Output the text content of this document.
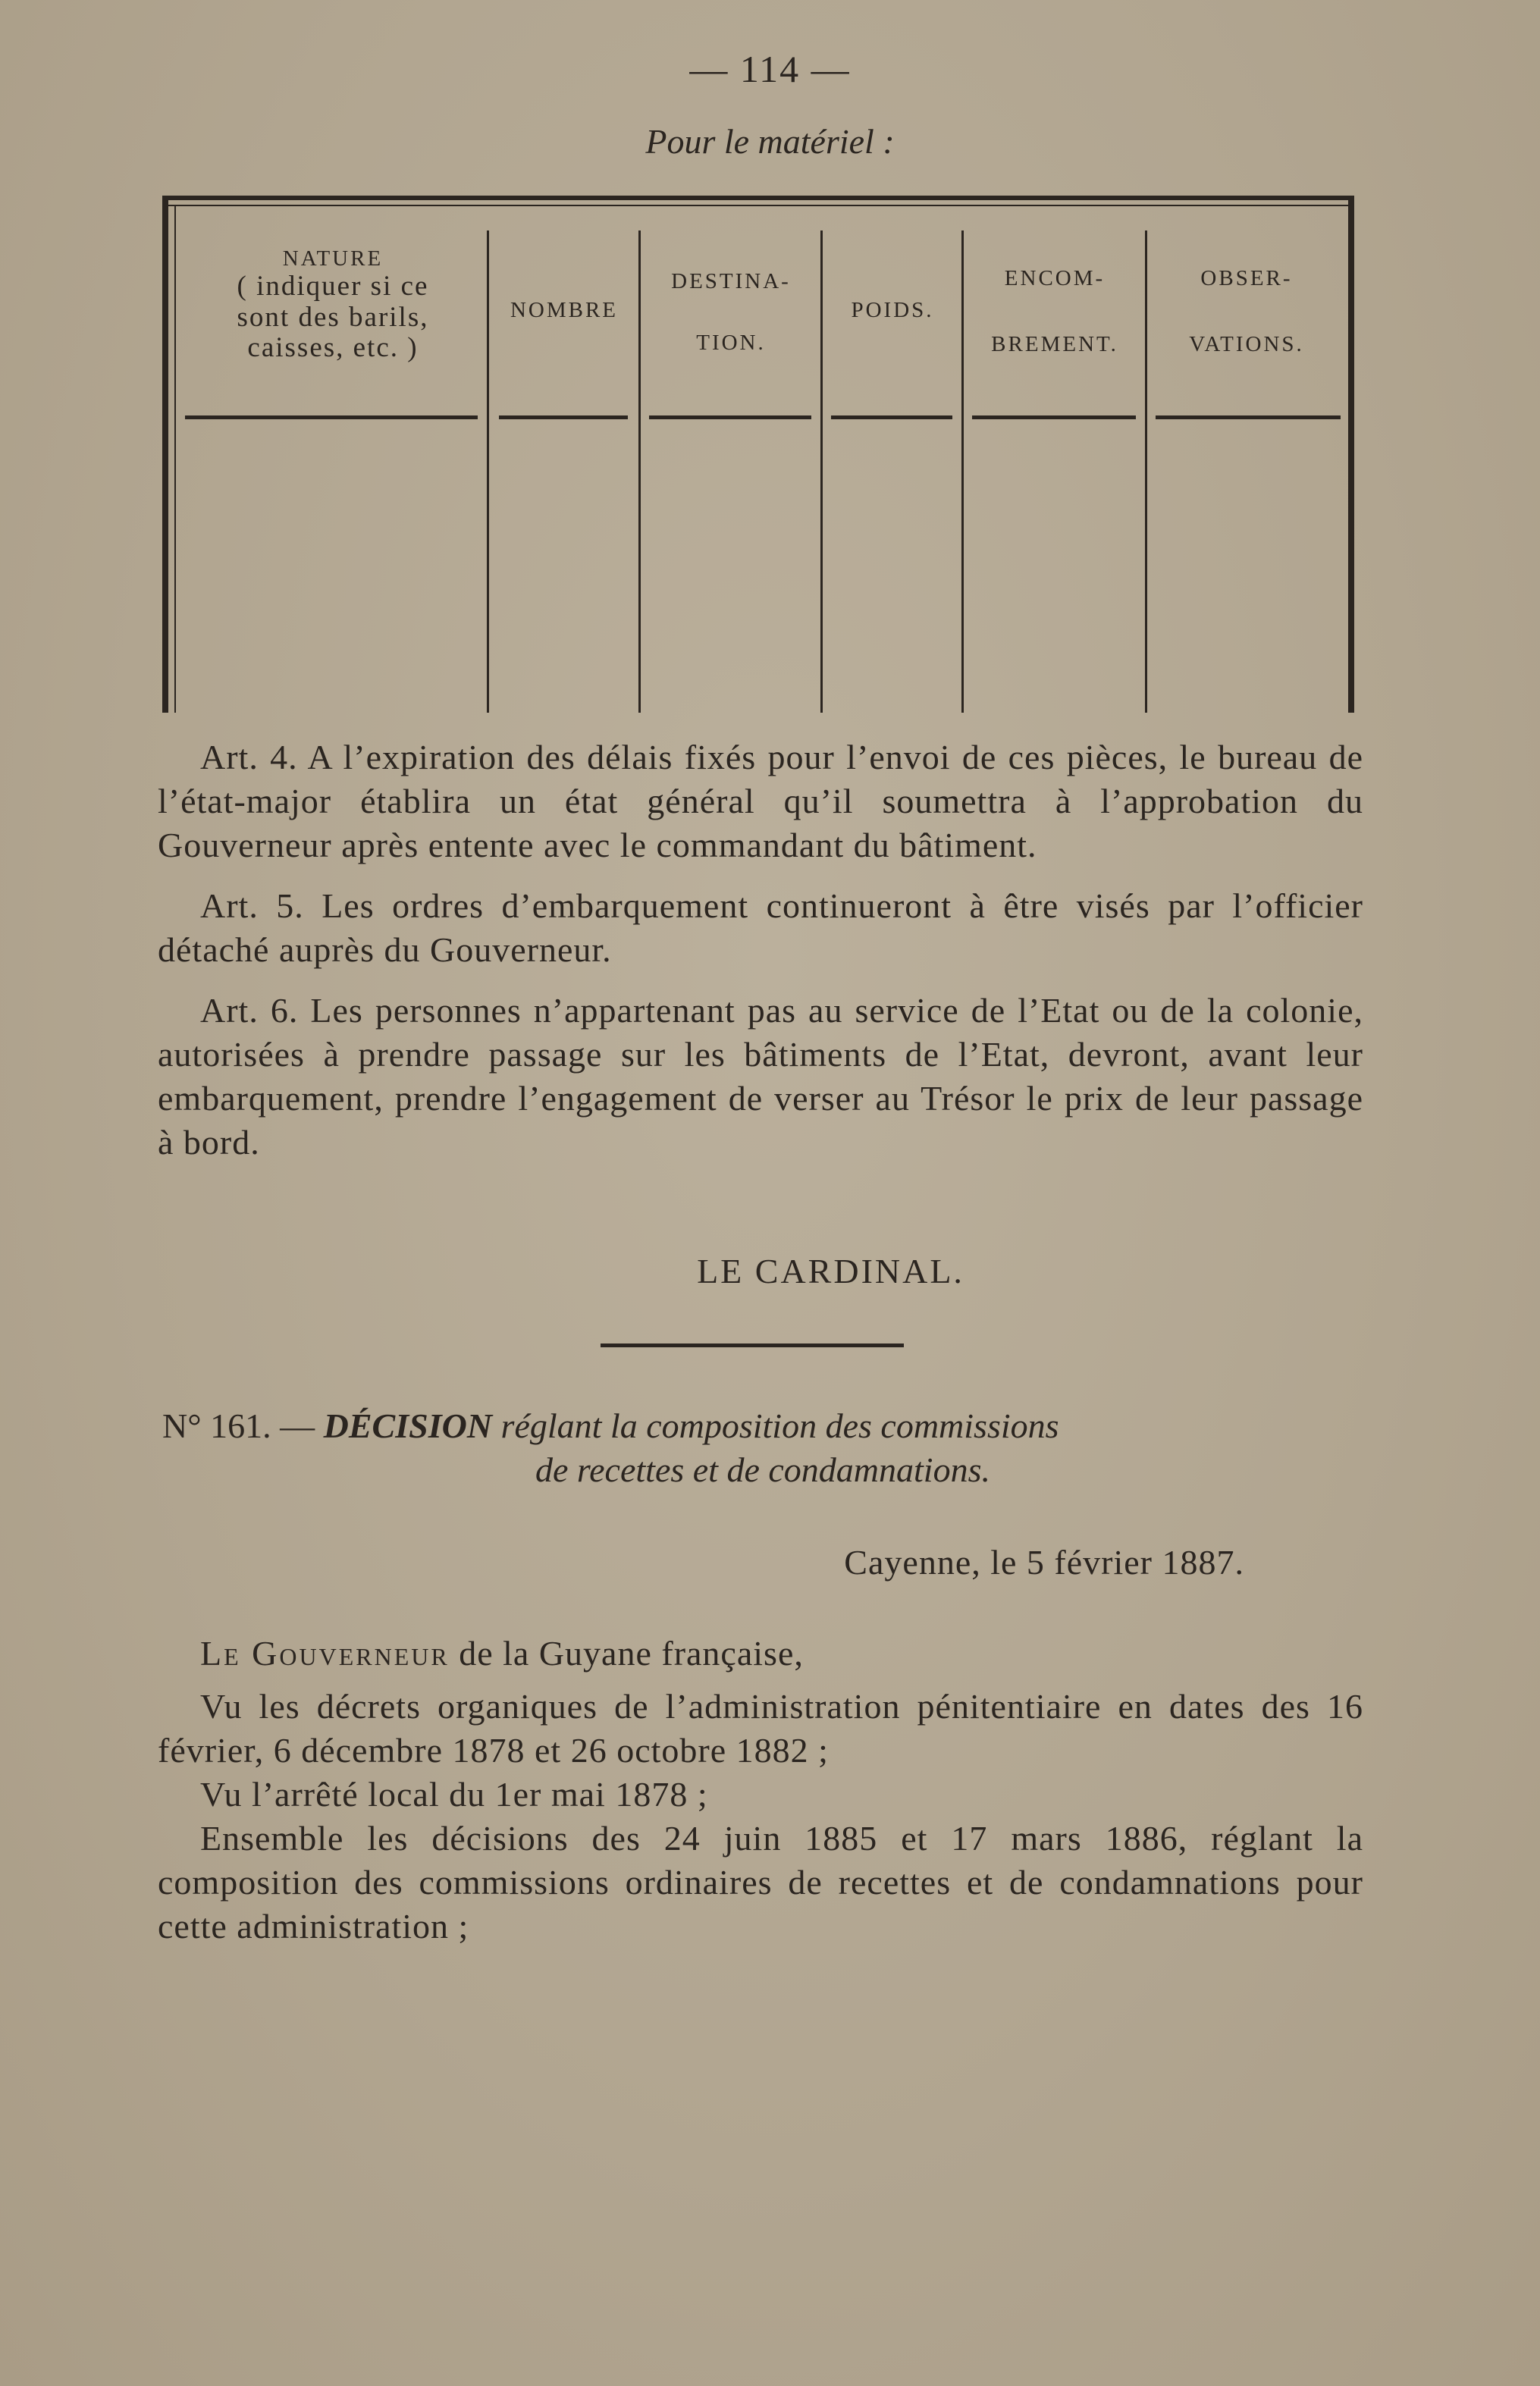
— 114 —
Pour le matériel :
NATURE
( indiquer si ce
sont des barils,
caisses, etc. )
NOMBRE
DESTINA-
TION.
POIDS.
ENCOM-
BREMENT.
OBSER-
VATIONS.

Art. 4. A l’expiration des délais fixés pour l’envoi de ces pièces, le bureau de l’état-major établira un état général qu’il soumettra à l’approbation du Gouverneur après entente avec le commandant du bâtiment.

Art. 5. Les ordres d’embarquement continueront à être visés par l’officier détaché auprès du Gouverneur.

Art. 6. Les personnes n’appartenant pas au service de l’Etat ou de la colonie, autorisées à prendre passage sur les bâtiments de l’Etat, devront, avant leur embarquement, prendre l’engagement de verser au Trésor le prix de leur passage à bord.

LE CARDINAL.
N° 161. — DÉCISION réglant la composition des commissions
de recettes et de condamnations.
Cayenne, le 5 février 1887.

Le Gouverneur de la Guyane française,

Vu les décrets organiques de l’administration pénitentiaire en dates des 16 février, 6 décembre 1878 et 26 octobre 1882 ;

Vu l’arrêté local du 1er mai 1878 ;

Ensemble les décisions des 24 juin 1885 et 17 mars 1886, réglant la composition des commissions ordinaires de recettes et de condamnations pour cette administration ;
